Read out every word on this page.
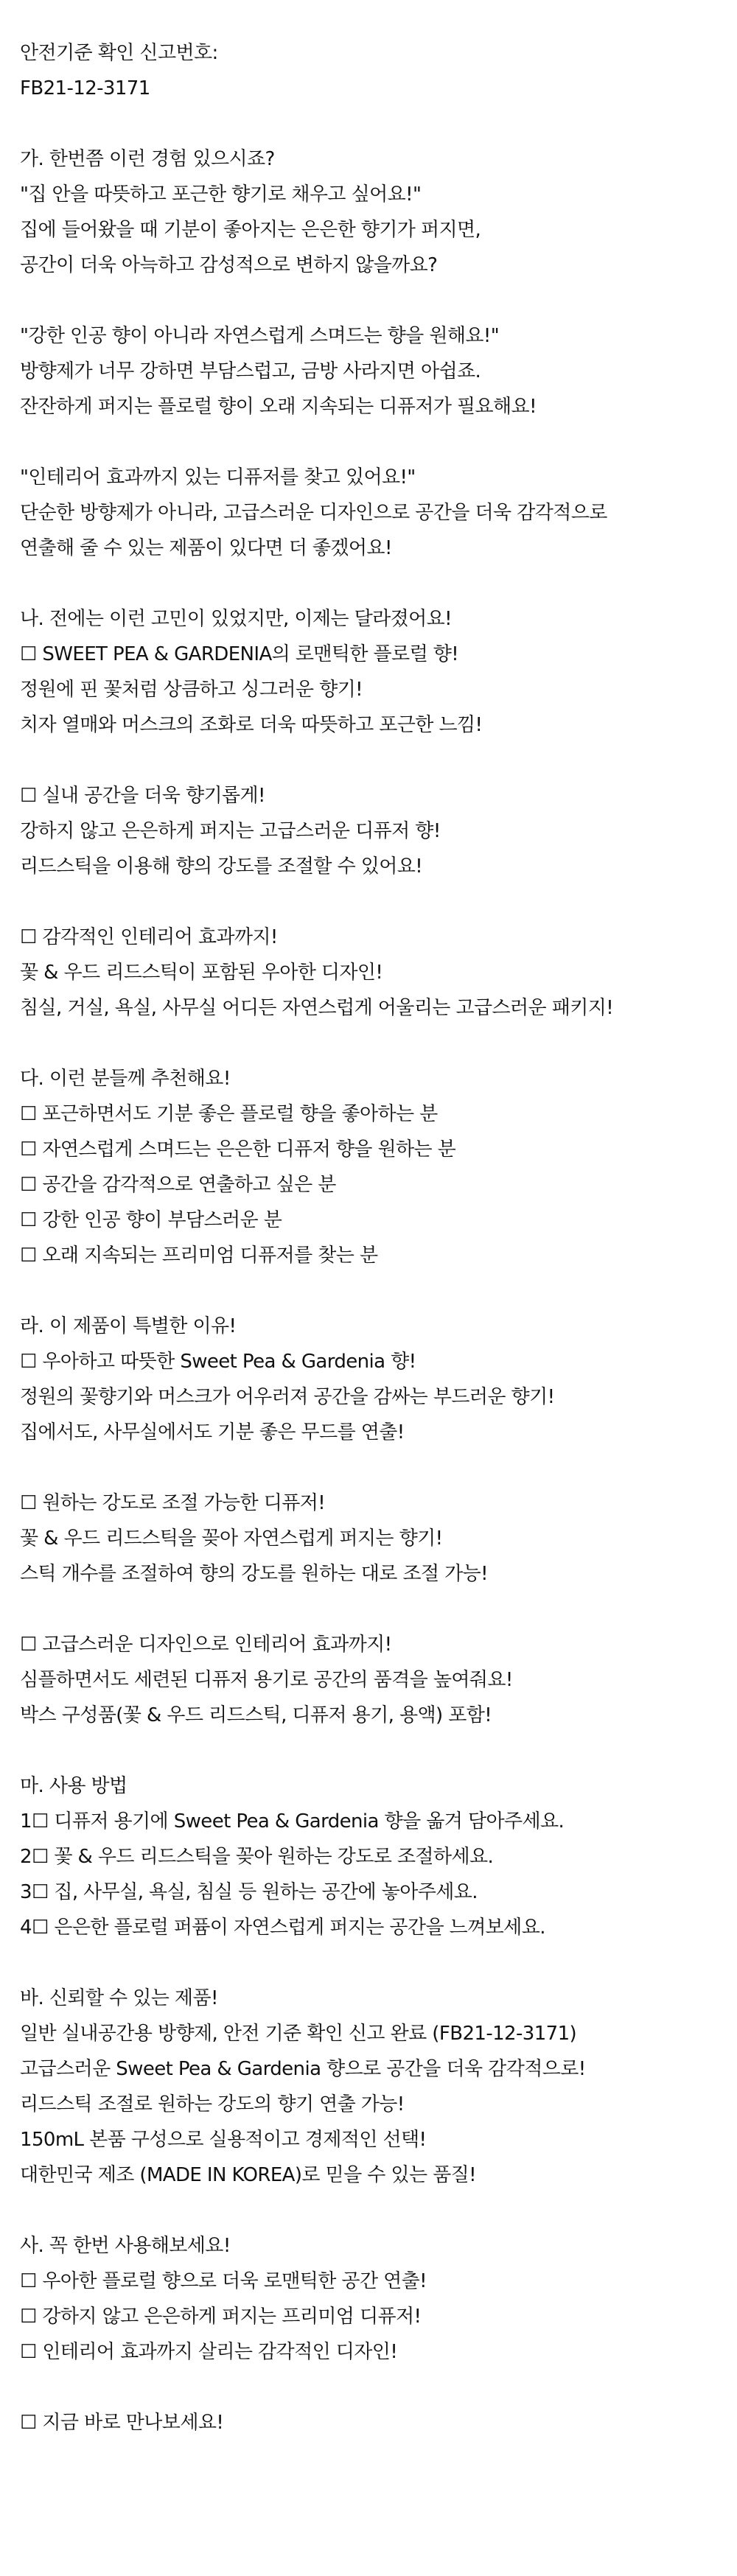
안전기준 확인 신고번호:
FB21-12-3171
가. 한번쯤 이런 경험 있으시죠?
"집 안을 따뜻하고 포근한 향기로 채우고 싶어요!"
집에 들어왔을 때 기분이 좋아지는 은은한 향기가 퍼지면,
공간이 더욱 아늑하고 감성적으로 변하지 않을까요?
"강한 인공 향이 아니라 자연스럽게 스며드는 향을 원해요!"
방향제가 너무 강하면 부담스럽고, 금방 사라지면 아쉽죠.
잔잔하게 퍼지는 플로럴 향이 오래 지속되는 디퓨저가 필요해요!
"인테리어 효과까지 있는 디퓨저를 찾고 있어요!"
단순한 방향제가 아니라, 고급스러운 디자인으로 공간을 더욱 감각적으로
연출해 줄 수 있는 제품이 있다면 더 좋겠어요!
나. 전에는 이런 고민이 있었지만, 이제는 달라졌어요!
☐ SWEET PEA & GARDENIA의 로맨틱한 플로럴 향!
정원에 핀 꽃처럼 상큼하고 싱그러운 향기!
치자 열매와 머스크의 조화로 더욱 따뜻하고 포근한 느낌!
☐ 실내 공간을 더욱 향기롭게!
강하지 않고 은은하게 퍼지는 고급스러운 디퓨저 향!
리드스틱을 이용해 향의 강도를 조절할 수 있어요!
☐ 감각적인 인테리어 효과까지!
꽃 & 우드 리드스틱이 포함된 우아한 디자인!
침실, 거실, 욕실, 사무실 어디든 자연스럽게 어울리는 고급스러운 패키지!
다. 이런 분들께 추천해요!
☐ 포근하면서도 기분 좋은 플로럴 향을 좋아하는 분
☐ 자연스럽게 스며드는 은은한 디퓨저 향을 원하는 분
☐ 공간을 감각적으로 연출하고 싶은 분
☐ 강한 인공 향이 부담스러운 분
☐ 오래 지속되는 프리미엄 디퓨저를 찾는 분
라. 이 제품이 특별한 이유!
☐ 우아하고 따뜻한 Sweet Pea & Gardenia 향!
정원의 꽃향기와 머스크가 어우러져 공간을 감싸는 부드러운 향기!
집에서도, 사무실에서도 기분 좋은 무드를 연출!
☐ 원하는 강도로 조절 가능한 디퓨저!
꽃 & 우드 리드스틱을 꽂아 자연스럽게 퍼지는 향기!
스틱 개수를 조절하여 향의 강도를 원하는 대로 조절 가능!
☐ 고급스러운 디자인으로 인테리어 효과까지!
심플하면서도 세련된 디퓨저 용기로 공간의 품격을 높여줘요!
박스 구성품(꽃 & 우드 리드스틱, 디퓨저 용기, 용액) 포함!
마. 사용 방법
1☐ 디퓨저 용기에 Sweet Pea & Gardenia 향을 옮겨 담아주세요.
2☐ 꽃 & 우드 리드스틱을 꽂아 원하는 강도로 조절하세요.
3☐ 집, 사무실, 욕실, 침실 등 원하는 공간에 놓아주세요.
4☐ 은은한 플로럴 퍼퓸이 자연스럽게 퍼지는 공간을 느껴보세요.
바. 신뢰할 수 있는 제품!
일반 실내공간용 방향제, 안전 기준 확인 신고 완료 (FB21-12-3171)
고급스러운 Sweet Pea & Gardenia 향으로 공간을 더욱 감각적으로!
리드스틱 조절로 원하는 강도의 향기 연출 가능!
150mL 본품 구성으로 실용적이고 경제적인 선택!
대한민국 제조 (MADE IN KOREA)로 믿을 수 있는 품질!
사. 꼭 한번 사용해보세요!
☐ 우아한 플로럴 향으로 더욱 로맨틱한 공간 연출!
☐ 강하지 않고 은은하게 퍼지는 프리미엄 디퓨저!
☐ 인테리어 효과까지 살리는 감각적인 디자인!
☐ 지금 바로 만나보세요!
